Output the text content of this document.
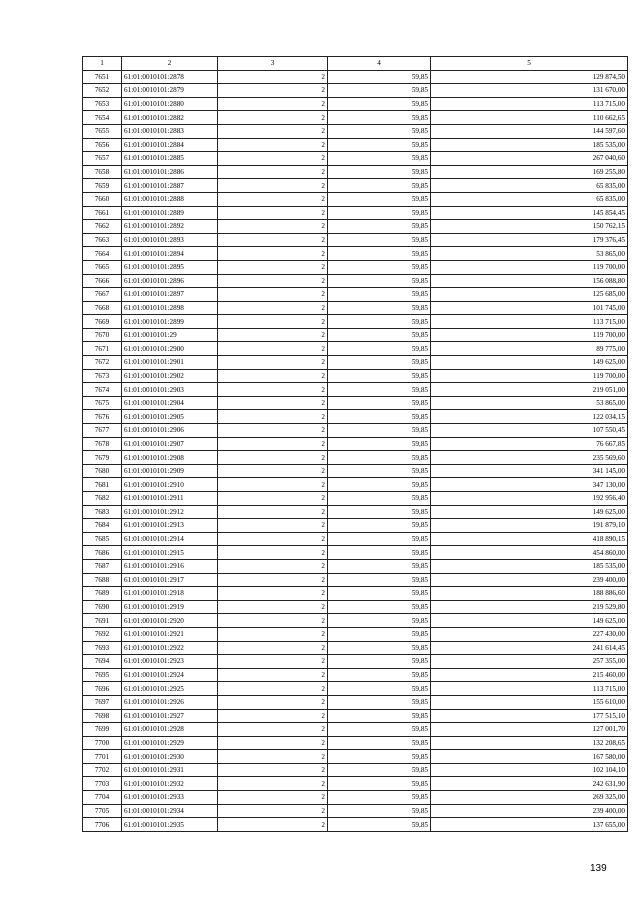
1	2	3	4	5
7651	61:01:0010101:2878	2	59,85	129 874,50
7652	61:01:0010101:2879	2	59,85	131 670,00
7653	61:01:0010101:2880	2	59,85	113 715,00
7654	61:01:0010101:2882	2	59,85	110 662,65
7655	61:01:0010101:2883	2	59,85	144 597,60
7656	61:01:0010101:2884	2	59,85	185 535,00
7657	61:01:0010101:2885	2	59,85	267 040,60
7658	61:01:0010101:2886	2	59,85	169 255,80
7659	61:01:0010101:2887	2	59,85	65 835,00
7660	61:01:0010101:2888	2	59,85	65 835,00
7661	61:01:0010101:2889	2	59,85	145 854,45
7662	61:01:0010101:2892	2	59,85	150 762,15
7663	61:01:0010101:2893	2	59,85	179 376,45
7664	61:01:0010101:2894	2	59,85	53 865,00
7665	61:01:0010101:2895	2	59,85	119 700,00
7666	61:01:0010101:2896	2	59,85	156 088,80
7667	61:01:0010101:2897	2	59,85	125 685,00
7668	61:01:0010101:2898	2	59,85	101 745,00
7669	61:01:0010101:2899	2	59,85	113 715,00
7670	61:01:0010101:29	2	59,85	119 700,00
7671	61:01:0010101:2900	2	59,85	89 775,00
7672	61:01:0010101:2901	2	59,85	149 625,00
7673	61:01:0010101:2902	2	59,85	119 700,00
7674	61:01:0010101:2903	2	59,85	219 051,00
7675	61:01:0010101:2904	2	59,85	53 865,00
7676	61:01:0010101:2905	2	59,85	122 034,15
7677	61:01:0010101:2906	2	59,85	107 550,45
7678	61:01:0010101:2907	2	59,85	76 667,85
7679	61:01:0010101:2908	2	59,85	235 569,60
7680	61:01:0010101:2909	2	59,85	341 145,00
7681	61:01:0010101:2910	2	59,85	347 130,00
7682	61:01:0010101:2911	2	59,85	192 956,40
7683	61:01:0010101:2912	2	59,85	149 625,00
7684	61:01:0010101:2913	2	59,85	191 879,10
7685	61:01:0010101:2914	2	59,85	418 890,15
7686	61:01:0010101:2915	2	59,85	454 860,00
7687	61:01:0010101:2916	2	59,85	185 535,00
7688	61:01:0010101:2917	2	59,85	239 400,00
7689	61:01:0010101:2918	2	59,85	188 886,60
7690	61:01:0010101:2919	2	59,85	219 529,80
7691	61:01:0010101:2920	2	59,85	149 625,00
7692	61:01:0010101:2921	2	59,85	227 430,00
7693	61:01:0010101:2922	2	59,85	241 614,45
7694	61:01:0010101:2923	2	59,85	257 355,00
7695	61:01:0010101:2924	2	59,85	215 460,00
7696	61:01:0010101:2925	2	59,85	113 715,00
7697	61:01:0010101:2926	2	59,85	155 610,00
7698	61:01:0010101:2927	2	59,85	177 515,10
7699	61:01:0010101:2928	2	59,85	127 001,70
7700	61:01:0010101:2929	2	59,85	132 208,65
7701	61:01:0010101:2930	2	59,85	167 580,00
7702	61:01:0010101:2931	2	59,85	102 104,10
7703	61:01:0010101:2932	2	59,85	242 631,90
7704	61:01:0010101:2933	2	59,85	269 325,00
7705	61:01:0010101:2934	2	59,85	239 400,00
7706	61:01:0010101:2935	2	59,85	137 655,00
139
